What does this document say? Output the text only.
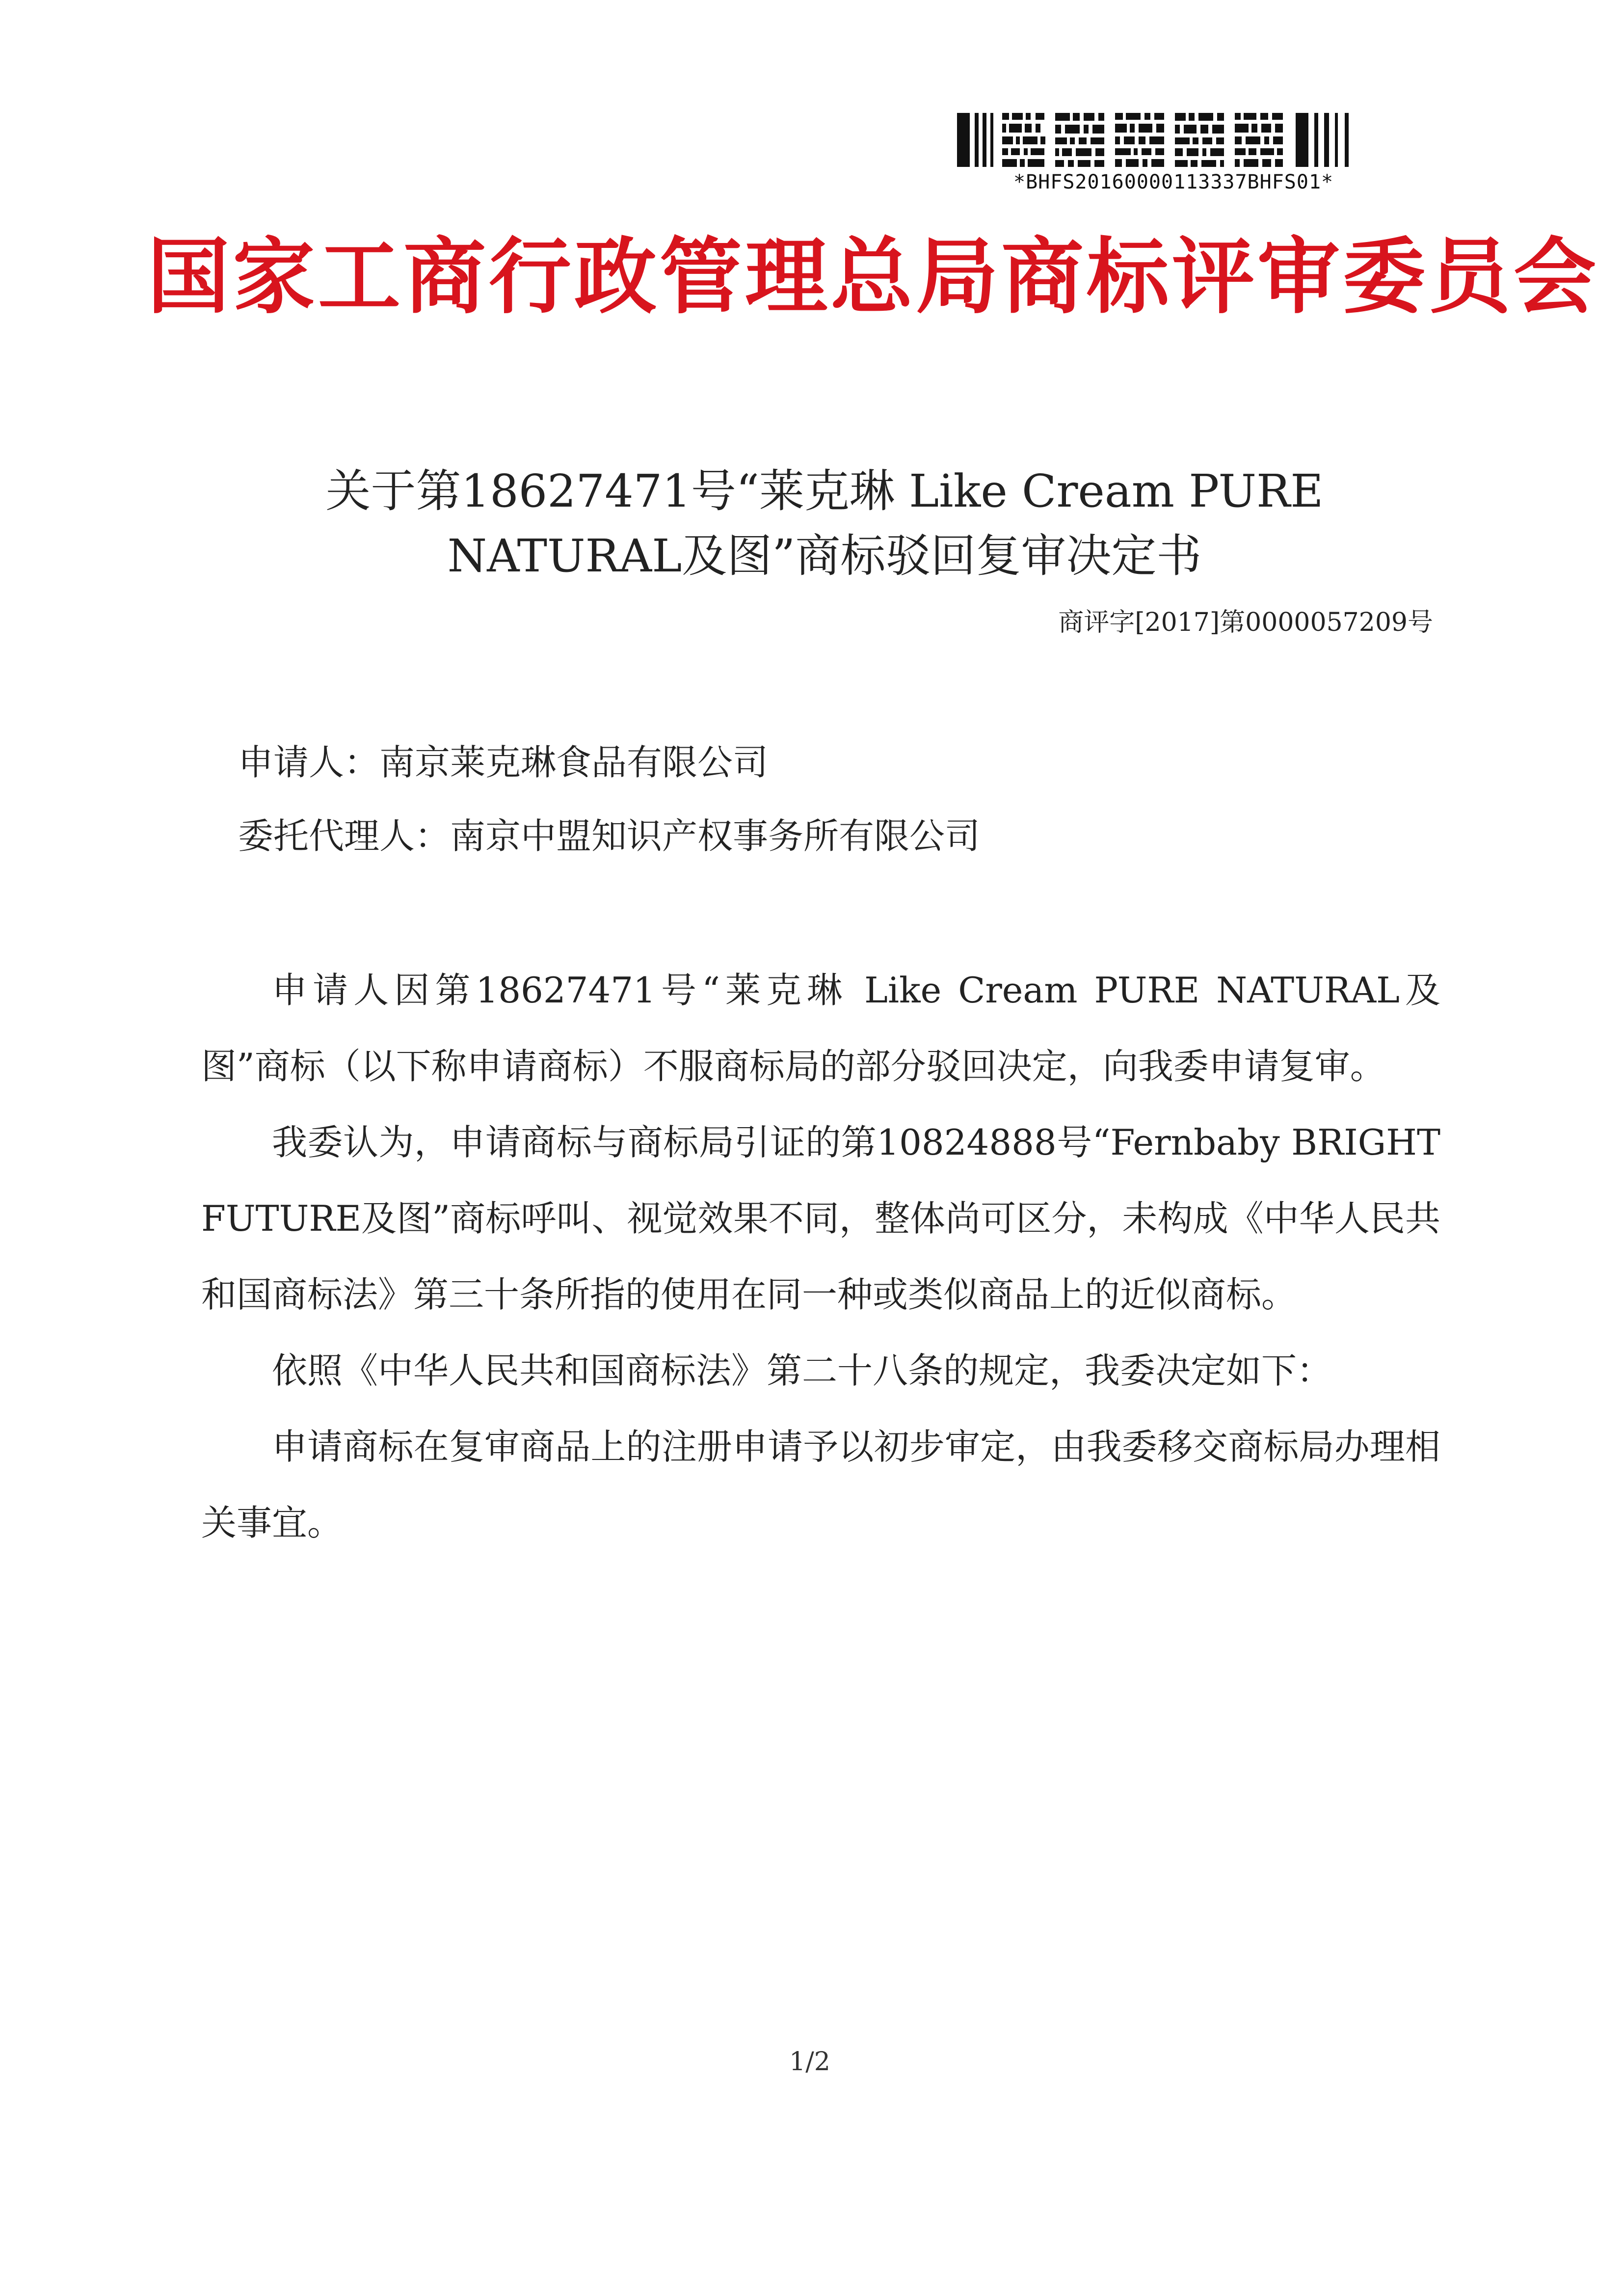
*BHFS20160000113337BHFS01*
国家工商行政管理总局商标评审委员会
关于第18627471号“莱克琳 Like Cream PURE
NATURAL及图”商标驳回复审决定书
商评字[2017]第0000057209号
申请人：南京莱克琳食品有限公司
委托代理人：南京中盟知识产权事务所有限公司

申请人因第18627471号“莱克琳 Like Cream PURE NATURAL及图”商标（以下称申请商标）不服商标局的部分驳回决定，向我委申请复审。

我委认为，申请商标与商标局引证的第10824888号“Fernbaby BRIGHT FUTURE及图”商标呼叫、视觉效果不同，整体尚可区分，未构成《中华人民共和国商标法》第三十条所指的使用在同一种或类似商品上的近似商标。

依照《中华人民共和国商标法》第二十八条的规定，我委决定如下：

申请商标在复审商品上的注册申请予以初步审定，由我委移交商标局办理相关事宜。

1/2
